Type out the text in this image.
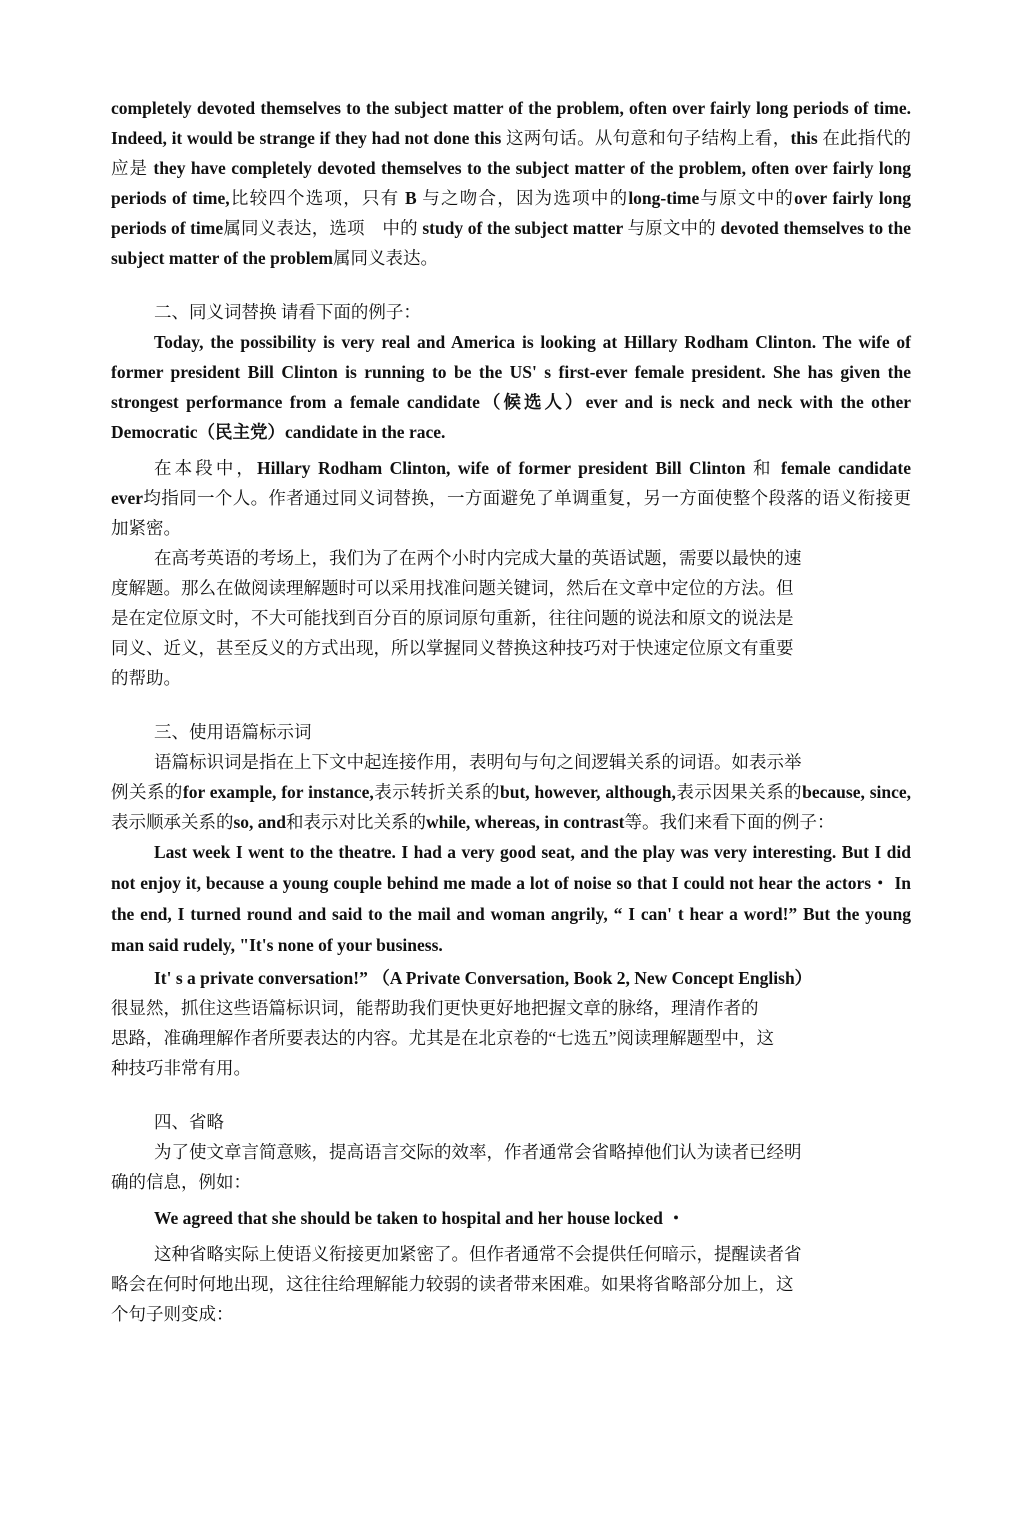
completely devoted themselves to the subject matter of the problem, often over fairly long periods of time. Indeed, it would be strange if they had not done this 这两句话。从句意和句子结构上看，this 在此指代的应是 they have completely devoted themselves to the subject matter of the problem, often over fairly long periods of time,比较四个选项，只有 B 与之吻合，因为选项中的long-time与原文中的over fairly long periods of time属同义表达，选项　中的 study of the subject matter 与原文中的 devoted themselves to the subject matter of the problem属同义表达。

二、同义词替换 请看下面的例子：

Today, the possibility is very real and America is looking at Hillary Rodham Clinton. The wife of former president Bill Clinton is running to be the US' s first-ever female president. She has given the strongest performance from a female candidate（候选人）ever and is neck and neck with the other Democratic（民主党）candidate in the race.

在本段中，Hillary Rodham Clinton, wife of former president Bill Clinton 和 female candidate　　 ever均指同一个人。作者通过同义词替换，一方面避免了单调重复，另一方面使整个段落的语义衔接更加紧密。

在高考英语的考场上，我们为了在两个小时内完成大量的英语试题，需要以最快的速

度解题。那么在做阅读理解题时可以采用找准问题关键词，然后在文章中定位的方法。但

是在定位原文时，不大可能找到百分百的原词原句重新，往往问题的说法和原文的说法是

同义、近义，甚至反义的方式出现，所以掌握同义替换这种技巧对于快速定位原文有重要

的帮助。

三、使用语篇标示词

语篇标识词是指在上下文中起连接作用，表明句与句之间逻辑关系的词语。如表示举

例关系的for example, for instance,表示转折关系的but, however, although,表示因果关系的because, since,表示顺承关系的so, and和表示对比关系的while, whereas, in contrast等。我们来看下面的例子：

Last week I went to the theatre. I had a very good seat, and the play was very interesting. But I did not enjoy it, because a young couple behind me made a lot of noise so that I could not hear the actors・ In the end, I turned round and said to the mail and woman angrily, “ I can' t hear a word!” But the young man said rudely, "It's none of your business.

It' s a private conversation!” （A Private Conversation, Book 2, New Concept English）

很显然，抓住这些语篇标识词，能帮助我们更快更好地把握文章的脉络，理清作者的

思路，准确理解作者所要表达的内容。尤其是在北京卷的“七选五”阅读理解题型中，这

种技巧非常有用。

四、省略

为了使文章言简意赅，提高语言交际的效率，作者通常会省略掉他们认为读者已经明

确的信息，例如：

We agreed that she should be taken to hospital and her house locked ・

这种省略实际上使语义衔接更加紧密了。但作者通常不会提供任何暗示，提醒读者省

略会在何时何地出现，这往往给理解能力较弱的读者带来困难。如果将省略部分加上，这

个句子则变成：
